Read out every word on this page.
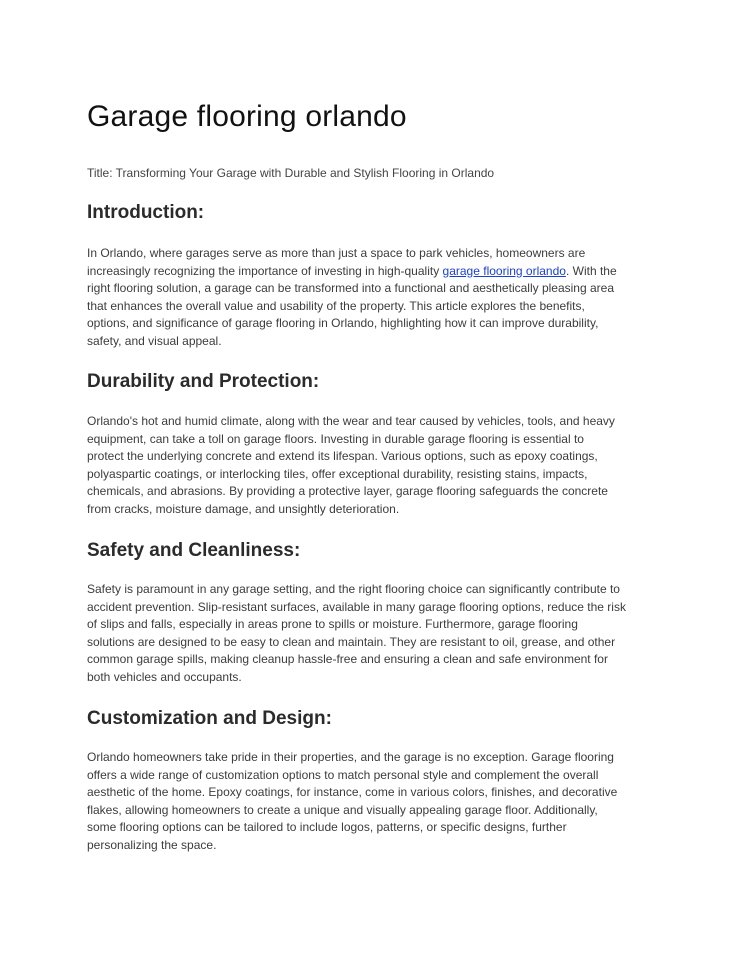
Garage flooring orlando

Title: Transforming Your Garage with Durable and Stylish Flooring in Orlando

Introduction:
In Orlando, where garages serve as more than just a space to park vehicles, homeowners are
increasingly recognizing the importance of investing in high-quality garage flooring orlando. With the
right flooring solution, a garage can be transformed into a functional and aesthetically pleasing area
that enhances the overall value and usability of the property. This article explores the benefits,
options, and significance of garage flooring in Orlando, highlighting how it can improve durability,
safety, and visual appeal.
Durability and Protection:
Orlando's hot and humid climate, along with the wear and tear caused by vehicles, tools, and heavy
equipment, can take a toll on garage floors. Investing in durable garage flooring is essential to
protect the underlying concrete and extend its lifespan. Various options, such as epoxy coatings,
polyaspartic coatings, or interlocking tiles, offer exceptional durability, resisting stains, impacts,
chemicals, and abrasions. By providing a protective layer, garage flooring safeguards the concrete
from cracks, moisture damage, and unsightly deterioration.
Safety and Cleanliness:
Safety is paramount in any garage setting, and the right flooring choice can significantly contribute to
accident prevention. Slip-resistant surfaces, available in many garage flooring options, reduce the risk
of slips and falls, especially in areas prone to spills or moisture. Furthermore, garage flooring
solutions are designed to be easy to clean and maintain. They are resistant to oil, grease, and other
common garage spills, making cleanup hassle-free and ensuring a clean and safe environment for
both vehicles and occupants.
Customization and Design:
Orlando homeowners take pride in their properties, and the garage is no exception. Garage flooring
offers a wide range of customization options to match personal style and complement the overall
aesthetic of the home. Epoxy coatings, for instance, come in various colors, finishes, and decorative
flakes, allowing homeowners to create a unique and visually appealing garage floor. Additionally,
some flooring options can be tailored to include logos, patterns, or specific designs, further
personalizing the space.
